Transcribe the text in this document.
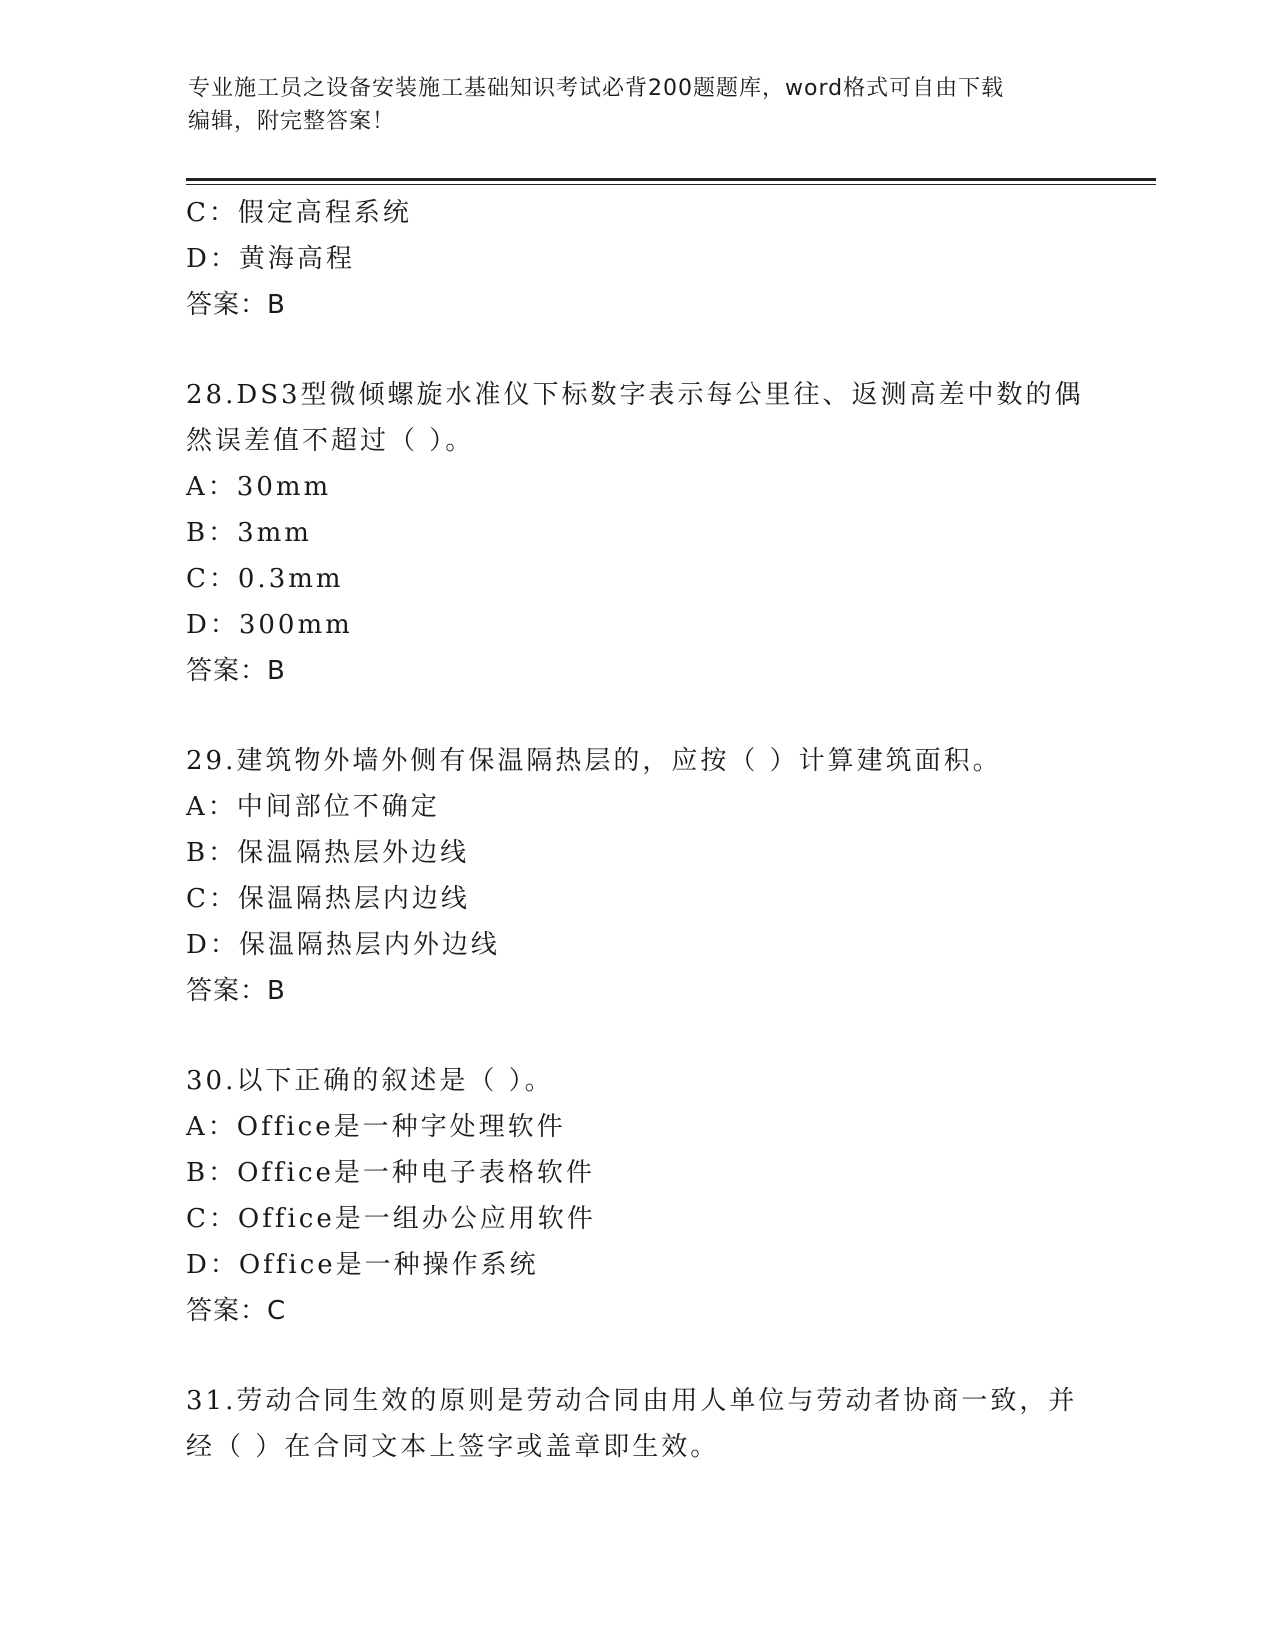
专业施工员之设备安装施工基础知识考试必背200题题库，word格式可自由下载
编辑，附完整答案！
C：假定高程系统
D：黄海高程
答案：B
28.DS3型微倾螺旋水准仪下标数字表示每公里往、返测高差中数的偶
然误差值不超过（ ）。
A：30mm
B：3mm
C：0.3mm
D：300mm
答案：B
29.建筑物外墙外侧有保温隔热层的，应按（ ）计算建筑面积。
A：中间部位不确定
B：保温隔热层外边线
C：保温隔热层内边线
D：保温隔热层内外边线
答案：B
30.以下正确的叙述是（ ）。
A：Office是一种字处理软件
B：Office是一种电子表格软件
C：Office是一组办公应用软件
D：Office是一种操作系统
答案：C
31.劳动合同生效的原则是劳动合同由用人单位与劳动者协商一致，并
经（ ）在合同文本上签字或盖章即生效。
